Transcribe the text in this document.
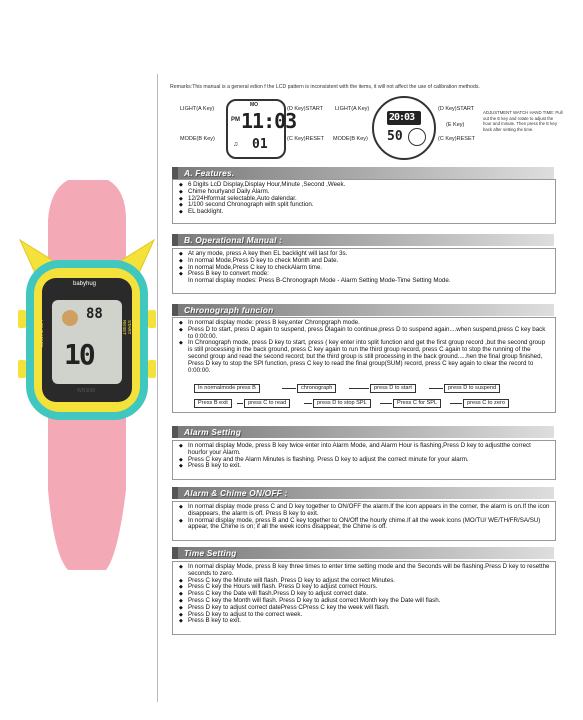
Remarks:This manual is a general edion f the LCD pattern is inconsistent with the items, it will not affect the use of calibration methods.
LIGHT(A Key)	(D Key)START
MODE(B Key)	(C Key)RESET
MO
PM 11:03
01
♫
LIGHT(A Key)	(D Key)START
(E Key)
MODE(B Key)	(C Key)RESET
20:03
50
ADJUSTMENT WATCH HAND TIME: Pull out the E key and rotate to adjust the hour and minute. Then press the E key back after setting the time.
babyhug
LIGHT MODE	START RESET
88
10
WR30M
A. Features.
◆ 6 Digits LcD Display,Display Hour,Minute ,Second ,Week.
◆ Chime hourlyand Daily Alarm.
◆ 12/24Hformat selectable,Auto dalendar.
◆ 1/100 second Chronograph with split function.
◆ EL backlight.
B. Operational Manual :
◆ At any mode, press A key then EL backlight will last for 3s.
◆ In normal Mode,Press D key to check Month and Date.
◆ In normal Mode,Press C key to checkAlarm time.
◆ Press B key to convert mode:
In normal display modes: Press B-Chronograph Mode - Alarm Setting Mode-Time Setting Mode.
Chronograph funcion
◆ In normal display mode: press B key,enter Chronpgraph mode.
◆ Press D to start, press D again to suspend, press Dlagain to continue,press D to suspend again....when suspend,press C key back to 0:00:00.
◆ In Chronograph mode, press D key to start, press ( key enter into split function and get the first group record ,but the second group is still processing in the back ground, press C key again to run the third group record, press C again to stop the running of the second group and read the second record; but the third group is still processing in the back ground.....hen the final group finished, Press D key to stop the SPl function, press C key to read the final group(SUM) record, press C key again to clear the record to 0:00:00.
In normalmode press B	chronograph	press D to start	press D to suspend
Press B exit	press C to read	press D to stop SPL	Press C for SPL	press C to zero
Alarm Setting
◆ In normal display Mode, press B key twice enter into Alarm Mode, and Alarm Hour is flashing,Press D key to adjustthe correct hourfor your Alarm.
◆ Press C key and the Alarm Minutes is flashing. Press D key to adjust the correct minute for your alarm.
◆ Press B key to exit.
Alarm & Chime ON/OFF :
◆ In normal display mode press C and D key together to ON/OFF the alarm.If the icon appears in the corner, the alarm is on.If the icon disappears, the alarm is off. Press B key to exit.
◆ In normal display mode, press B and C key together to ON/Off the hourly chime.If all the week icons (MO/TU/ WE/TH/FR/SA/SU) appear, the Chime is on; if all the week icons disappear, the Chime is off.
Time Setting
◆ In normal display Mode, press B key three times to enter time setting mode and the Seconds will be flashing.Press D key to resetthe seconds to zero.
◆ Press C key the Minute will flash. Press D key to adjust the correct Minutes.
◆ Press C key the Hours will flash. Press D key to adjust correct Hours.
◆ Press C key the Date will flash.Press D key to adjust correct date.
◆ Press C key the Month will flash. Press D key to adiust correct Month key the Date will flash.
◆ Press D key to adjust correct datePress CPress C key the week will flash.
◆ Press D key to adjust to the correct week.
◆ Press B key to exit.
